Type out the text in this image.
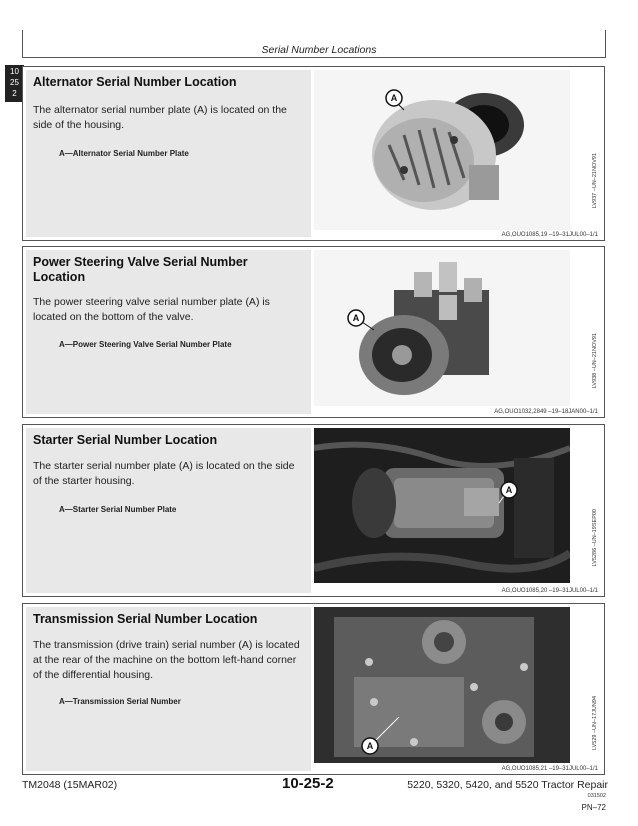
Serial Number Locations
10
25
2
Alternator Serial Number Location
The alternator serial number plate (A) is located on the side of the housing.
A—Alternator Serial Number Plate
A
LV937 –UN–21NOV91
AG,OUO1085,19 –19–31JUL00–1/1
Power Steering Valve Serial Number Location
The power steering valve serial number plate (A) is located on the bottom of the valve.
A—Power Steering Valve Serial Number Plate
A
LV938 –UN–21NOV91
AG,OUO1032,2849 –19–18JAN00–1/1
Starter Serial Number Location
The starter serial number plate (A) is located on the side of the starter housing.
A—Starter Serial Number Plate
A
LV5286 –UN–19SEP00
AG,OUO1085,20 –19–31JUL00–1/1
Transmission Serial Number Location
The transmission (drive train) serial number (A) is located at the rear of the machine on the bottom left-hand corner of the differential housing.
A—Transmission Serial Number
A	LV529 –UN–17JUN94
AG,OUO1085,21 –19–31JUL00–1/1
TM2048 (15MAR02)	10-25-2	5220, 5320, 5420, and 5520 Tractor Repair
031502
PN–72
